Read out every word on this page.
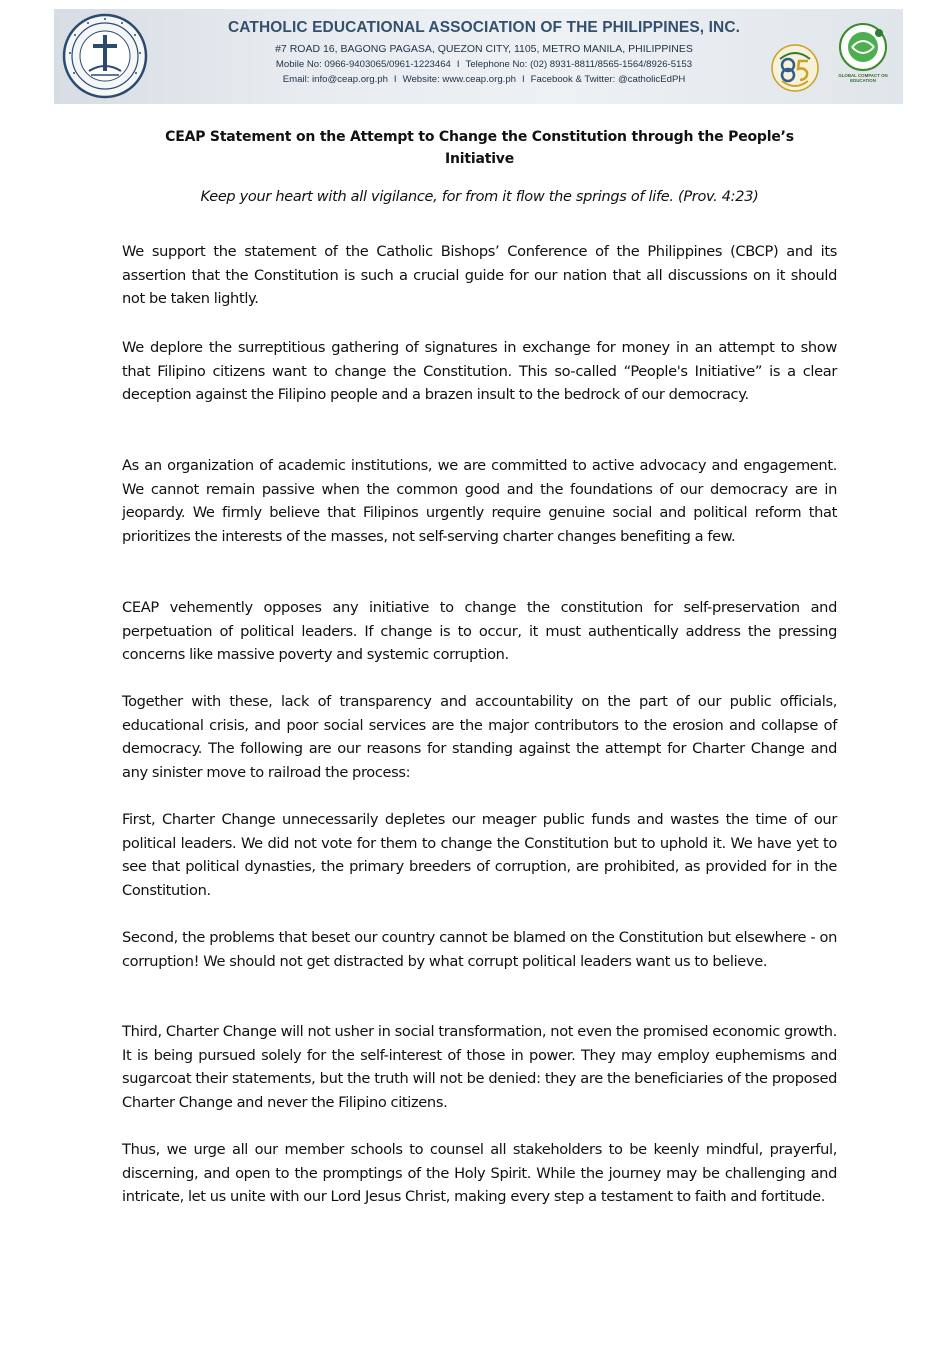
CATHOLIC EDUCATIONAL ASSOCIATION OF THE PHILIPPINES, INC.
#7 ROAD 16, BAGONG PAGASA, QUEZON CITY, 1105, METRO MANILA, PHILIPPINES
Mobile No: 0966-9403065/0961-1223464 I Telephone No: (02) 8931-8811/8565-1564/8926-5153
Email: info@ceap.org.ph I Website: www.ceap.org.ph I Facebook & Twitter: @catholicEdPH	GLOBAL COMPACT ON EDUCATION
CEAP Statement on the Attempt to Change the Constitution through the People’s Initiative
Keep your heart with all vigilance, for from it flow the springs of life. (Prov. 4:23)

We support the statement of the Catholic Bishops’ Conference of the Philippines (CBCP) and its assertion that the Constitution is such a crucial guide for our nation that all discussions on it should not be taken lightly.

We deplore the surreptitious gathering of signatures in exchange for money in an attempt to show that Filipino citizens want to change the Constitution. This so-called “People's Initiative” is a clear deception against the Filipino people and a brazen insult to the bedrock of our democracy.

As an organization of academic institutions, we are committed to active advocacy and engagement. We cannot remain passive when the common good and the foundations of our democracy are in jeopardy. We firmly believe that Filipinos urgently require genuine social and political reform that prioritizes the interests of the masses, not self-serving charter changes benefiting a few.

CEAP vehemently opposes any initiative to change the constitution for self-preservation and perpetuation of political leaders. If change is to occur, it must authentically address the pressing concerns like massive poverty and systemic corruption.

Together with these, lack of transparency and accountability on the part of our public officials, educational crisis, and poor social services are the major contributors to the erosion and collapse of democracy. The following are our reasons for standing against the attempt for Charter Change and any sinister move to railroad the process:

First, Charter Change unnecessarily depletes our meager public funds and wastes the time of our political leaders. We did not vote for them to change the Constitution but to uphold it. We have yet to see that political dynasties, the primary breeders of corruption, are prohibited, as provided for in the Constitution.

Second, the problems that beset our country cannot be blamed on the Constitution but elsewhere - on corruption! We should not get distracted by what corrupt political leaders want us to believe.

Third, Charter Change will not usher in social transformation, not even the promised economic growth. It is being pursued solely for the self-interest of those in power. They may employ euphemisms and sugarcoat their statements, but the truth will not be denied: they are the beneficiaries of the proposed Charter Change and never the Filipino citizens.

Thus, we urge all our member schools to counsel all stakeholders to be keenly mindful, prayerful, discerning, and open to the promptings of the Holy Spirit. While the journey may be challenging and intricate, let us unite with our Lord Jesus Christ, making every step a testament to faith and fortitude.
